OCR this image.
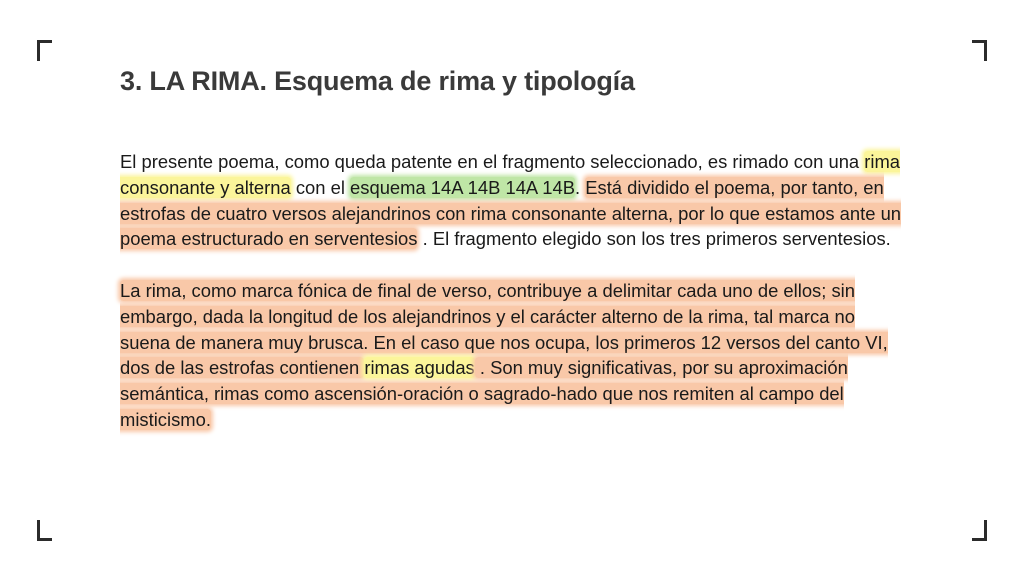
3. LA RIMA. Esquema de rima y tipología

El presente poema, como queda patente en el fragmento seleccionado, es rimado con una rima consonante y alterna con el esquema 14A 14B 14A 14B. Está dividido el poema, por tanto, en estrofas de cuatro versos alejandrinos con rima consonante alterna, por lo que estamos ante un poema estructurado en serventesios . El fragmento elegido son los tres primeros serventesios.

La rima, como marca fónica de final de verso, contribuye a delimitar cada uno de ellos; sin embargo, dada la longitud de los alejandrinos y el carácter alterno de la rima, tal marca no suena de manera muy brusca. En el caso que nos ocupa, los primeros 12 versos del canto VI, dos de las estrofas contienen rimas agudas . Son muy significativas, por su aproximación semántica, rimas como ascensión-oración o sagrado-hado que nos remiten al campo del misticismo.
